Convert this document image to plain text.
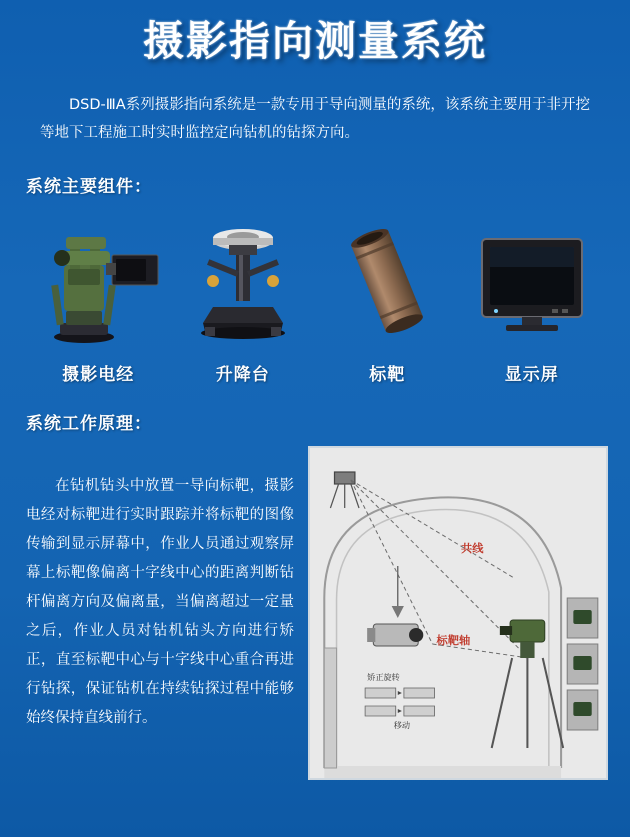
摄影指向测量系统
DSD-ⅢA系列摄影指向系统是一款专用于导向测量的系统，该系统主要用于非开挖等地下工程施工时实时监控定向钻机的钻探方向。
系统主要组件：
摄影电经	升降台	标靶	显示屏
系统工作原理：
在钻机钻头中放置一导向标靶，摄影电经对标靶进行实时跟踪并将标靶的图像传输到显示屏幕中，作业人员通过观察屏幕上标靶像偏离十字线中心的距离判断钻杆偏离方向及偏离量，当偏离超过一定量之后，作业人员对钻机钻头方向进行矫正，直至标靶中心与十字线中心重合再进行钻探，保证钻机在持续钻探过程中能够始终保持直线前行。
共线
标靶轴
矫正旋转
移动
